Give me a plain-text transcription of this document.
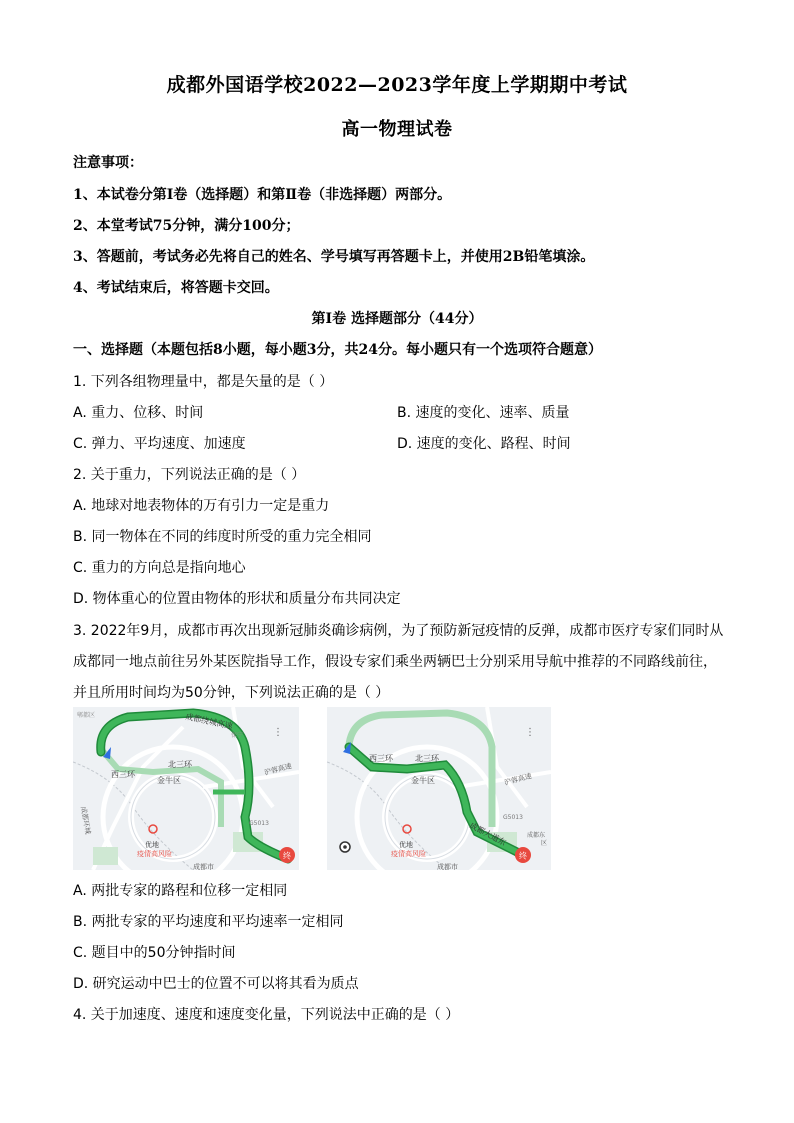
成都外国语学校2022—2023学年度上学期期中考试
高一物理试卷
注意事项：
1、本试卷分第Ⅰ卷（选择题）和第Ⅱ卷（非选择题）两部分。
2、本堂考试75分钟，满分100分；
3、答题前，考试务必先将自己的姓名、学号填写再答题卡上，并使用2B铅笔填涂。
4、考试结束后，将答题卡交回。
第Ⅰ卷 选择题部分（44分）
一、选择题（本题包括8小题，每小题3分，共24分。每小题只有一个选项符合题意）
1. 下列各组物理量中，都是矢量的是（ ）
A. 重力、位移、时间	B. 速度的变化、速率、质量
C. 弹力、平均速度、加速度	D. 速度的变化、路程、时间
2. 关于重力，下列说法正确的是（ ）
A. 地球对地表物体的万有引力一定是重力
B. 同一物体在不同的纬度时所受的重力完全相同
C. 重力的方向总是指向地心
D. 物体重心的位置由物体的形状和质量分布共同决定
3. 2022年9月，成都市再次出现新冠肺炎确诊病例，为了预防新冠疫情的反弹，成都市医疗专家们同时从
成都同一地点前往另外某医院指导工作，假设专家们乘坐两辆巴士分别采用导航中推荐的不同路线前往，
并且所用时间均为50分钟，下列说法正确的是（ ）
终
成都绕城高速
西三环
北三环	沪蓉高速
成都环城	G5013
金牛区
优地
疫情高风险
成都市
保宁
郫都区
⋮
终
西三环	北三环
沪蓉高速
成都大道东
G5013
金牛区
优地
疫情高风险
成都市
成都东
区
⋮
A. 两批专家的路程和位移一定相同
B. 两批专家的平均速度和平均速率一定相同
C. 题目中的50分钟指时间
D. 研究运动中巴士的位置不可以将其看为质点
4. 关于加速度、速度和速度变化量，下列说法中正确的是（ ）
